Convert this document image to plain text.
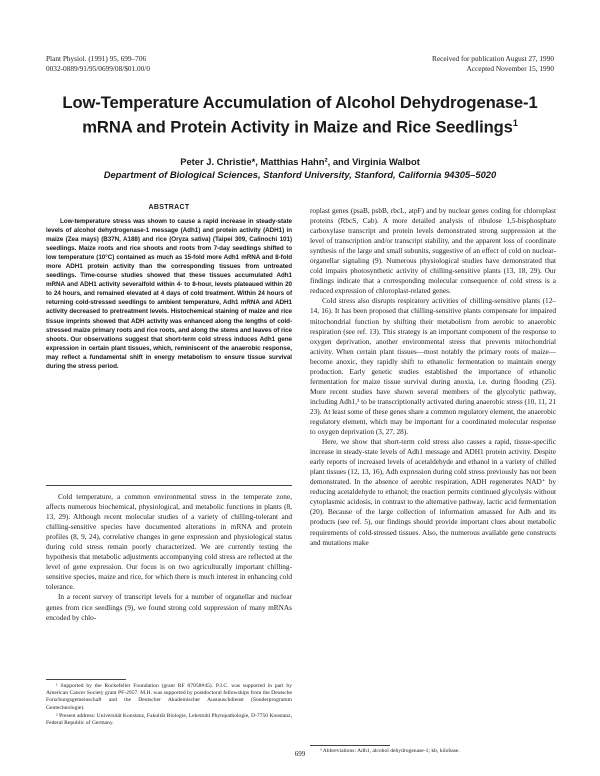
Plant Physiol. (1991) 95, 699–706
0032-0889/91/95/0699/08/$01.00/0
Received for publication August 27, 1990
Accepted November 15, 1990
Low-Temperature Accumulation of Alcohol Dehydrogenase-1 mRNA and Protein Activity in Maize and Rice Seedlings$^1$
Peter J. Christie*, Matthias Hahn², and Virginia Walbot
Department of Biological Sciences, Stanford University, Stanford, California 94305–5020
ABSTRACT
Low-temperature stress was shown to cause a rapid increase in steady-state levels of alcohol dehydrogenase-1 message (Adh1) and protein activity (ADH1) in maize (Zea mays) (B37N, A188) and rice (Oryza sativa) (Taipei 309, Calinochi 101) seedlings. Maize roots and rice shoots and roots from 7-day seedlings shifted to low temperature (10°C) contained as much as 15-fold more Adh1 mRNA and 8-fold more ADH1 protein activity than the corresponding tissues from untreated seedlings. Time-course studies showed that these tissues accumulated Adh1 mRNA and ADH1 activity severalfold within 4- to 8-hour, levels plateaued within 20 to 24 hours, and remained elevated at 4 days of cold treatment. Within 24 hours of returning cold-stressed seedlings to ambient temperature, Adh1 mRNA and ADH1 activity decreased to pretreatment levels. Histochemical staining of maize and rice tissue imprints showed that ADH activity was enhanced along the lengths of cold-stressed maize primary roots and rice roots, and along the stems and leaves of rice shoots. Our observations suggest that short-term cold stress induces Adh1 gene expression in certain plant tissues, which, reminiscent of the anaerobic response, may reflect a fundamental shift in energy metabolism to ensure tissue survival during the stress period.

Cold temperature, a common environmental stress in the temperate zone, affects numerous biochemical, physiological, and metabolic functions in plants (8, 13, 29). Although recent molecular studies of a variety of chilling-tolerant and chilling-sensitive species have documented alterations in mRNA and protein profiles (8, 9, 24), correlative changes in gene expression and physiological status during cold stress remain poorly characterized. We are currently testing the hypothesis that metabolic adjustments accompanying cold stress are reflected at the level of gene expression. Our focus is on two agriculturally important chilling-sensitive species, maize and rice, for which there is much interest in enhancing cold tolerance.

In a recent survey of transcript levels for a number of organellar and nuclear genes from rice seedlings (9), we found strong cold suppression of many mRNAs encoded by chlo-

¹ Supported by the Rockefeller Foundation (grant RF 87058#45). P.J.C. was supported in part by American Cancer Society grant PF-2957. M.H. was supported by postdoctoral fellowships from the Deutsche Forschungsgemeinschaft and the Deutscher Akademischer Austauschdienst (Sonderprogramm Gentechnologie).

² Present address: Universität Konstanz, Fakultät Biologie, Lehrstuhl Phytopathologie, D-7750 Konstanz, Federal Republic of Germany.

roplast genes (psaB, psbB, rbcL, atpF) and by nuclear genes coding for chloroplast proteins (RbcS, Cab). A more detailed analysis of ribulose 1,5-bisphosphate carboxylase transcript and protein levels demonstrated strong suppression at the level of transcription and/or transcript stability, and the apparent loss of coordinate synthesis of the large and small subunits, suggestive of an effect of cold on nuclear-organellar signaling (9). Numerous physiological studies have demonstrated that cold impairs photosynthetic activity of chilling-sensitive plants (13, 18, 29). Our findings indicate that a corresponding molecular consequence of cold stress is a reduced expression of chloroplast-related genes.

Cold stress also disrupts respiratory activities of chilling-sensitive plants (12–14, 16). It has been proposed that chilling-sensitive plants compensate for impaired mitochondrial function by shifting their metabolism from aerobic to anaerobic respiration (see ref. 13). This strategy is an important component of the response to oxygen deprivation, another environmental stress that prevents mitochondrial activity. When certain plant tissues—most notably the primary roots of maize—become anoxic, they rapidly shift to ethanolic fermentation to maintain energy production. Early genetic studies established the importance of ethanolic fermentation for maize tissue survival during anoxia, i.e. during flooding (25). More recent studies have shown several members of the glycolytic pathway, including Adh1,³ to be transcriptionally activated during anaerobic stress (10, 11, 21 23). At least some of these genes share a common regulatory element, the anaerobic regulatory element, which may be important for a coordinated molecular response to oxygen deprivation (3, 27, 28).

Here, we show that short-term cold stress also causes a rapid, tissue-specific increase in steady-state levels of Adh1 message and ADH1 protein activity. Despite early reports of increased levels of acetaldehyde and ethanol in a variety of chilled plant tissues (12, 13, 16), Adh expression during cold stress previously has not been demonstrated. In the absence of aerobic respiration, ADH regenerates NAD⁺ by reducing acetaldehyde to ethanol; the reaction permits continued glycolysis without cytoplasmic acidosis, in contrast to the alternative pathway, lactic acid fermentation (20). Because of the large collection of information amassed for Adh and its products (see ref. 5), our findings should provide important clues about metabolic requirements of cold-stressed tissues. Also, the numerous available gene constructs and mutations make

³ Abbreviations: Adh1, alcohol dehydrogenase-1; kb, kilobase.
699
